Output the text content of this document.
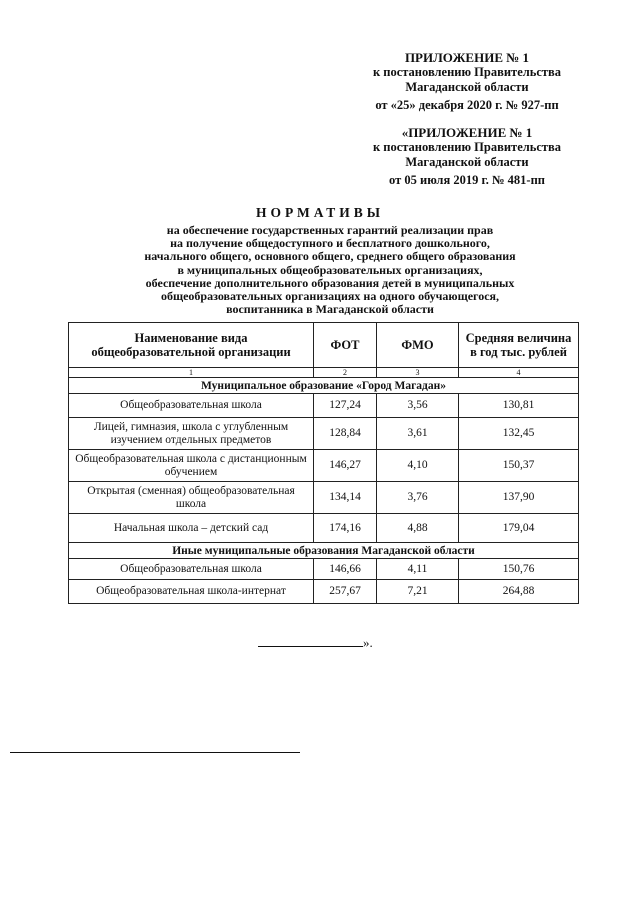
ПРИЛОЖЕНИЕ № 1
к постановлению Правительства
Магаданской области
от «25» декабря 2020 г. № 927-пп
«ПРИЛОЖЕНИЕ № 1
к постановлению Правительства
Магаданской области
от 05 июля 2019 г. № 481-пп
НОРМАТИВЫ
на обеспечение государственных гарантий реализации прав
на получение общедоступного и бесплатного дошкольного,
начального общего, основного общего, среднего общего образования
в муниципальных общеобразовательных организациях,
обеспечение дополнительного образования детей в муниципальных
общеобразовательных организациях на одного обучающегося,
воспитанника в Магаданской области
Наименование вида общеобразовательной организации	ФОТ	ФМО	Средняя величина в год тыс. рублей
1	2	3	4
Муниципальное образование «Город Магадан»			
Общеобразовательная школа	127,24	3,56	130,81
Лицей, гимназия, школа с углубленным изучением отдельных предметов	128,84	3,61	132,45
Общеобразовательная школа с дистанционным обучением	146,27	4,10	150,37
Открытая (сменная) общеобразовательная школа	134,14	3,76	137,90
Начальная школа – детский сад	174,16	4,88	179,04
Иные муниципальные образования Магаданской области			
Общеобразовательная школа	146,66	4,11	150,76
Общеобразовательная школа-интернат	257,67	7,21	264,88
».
